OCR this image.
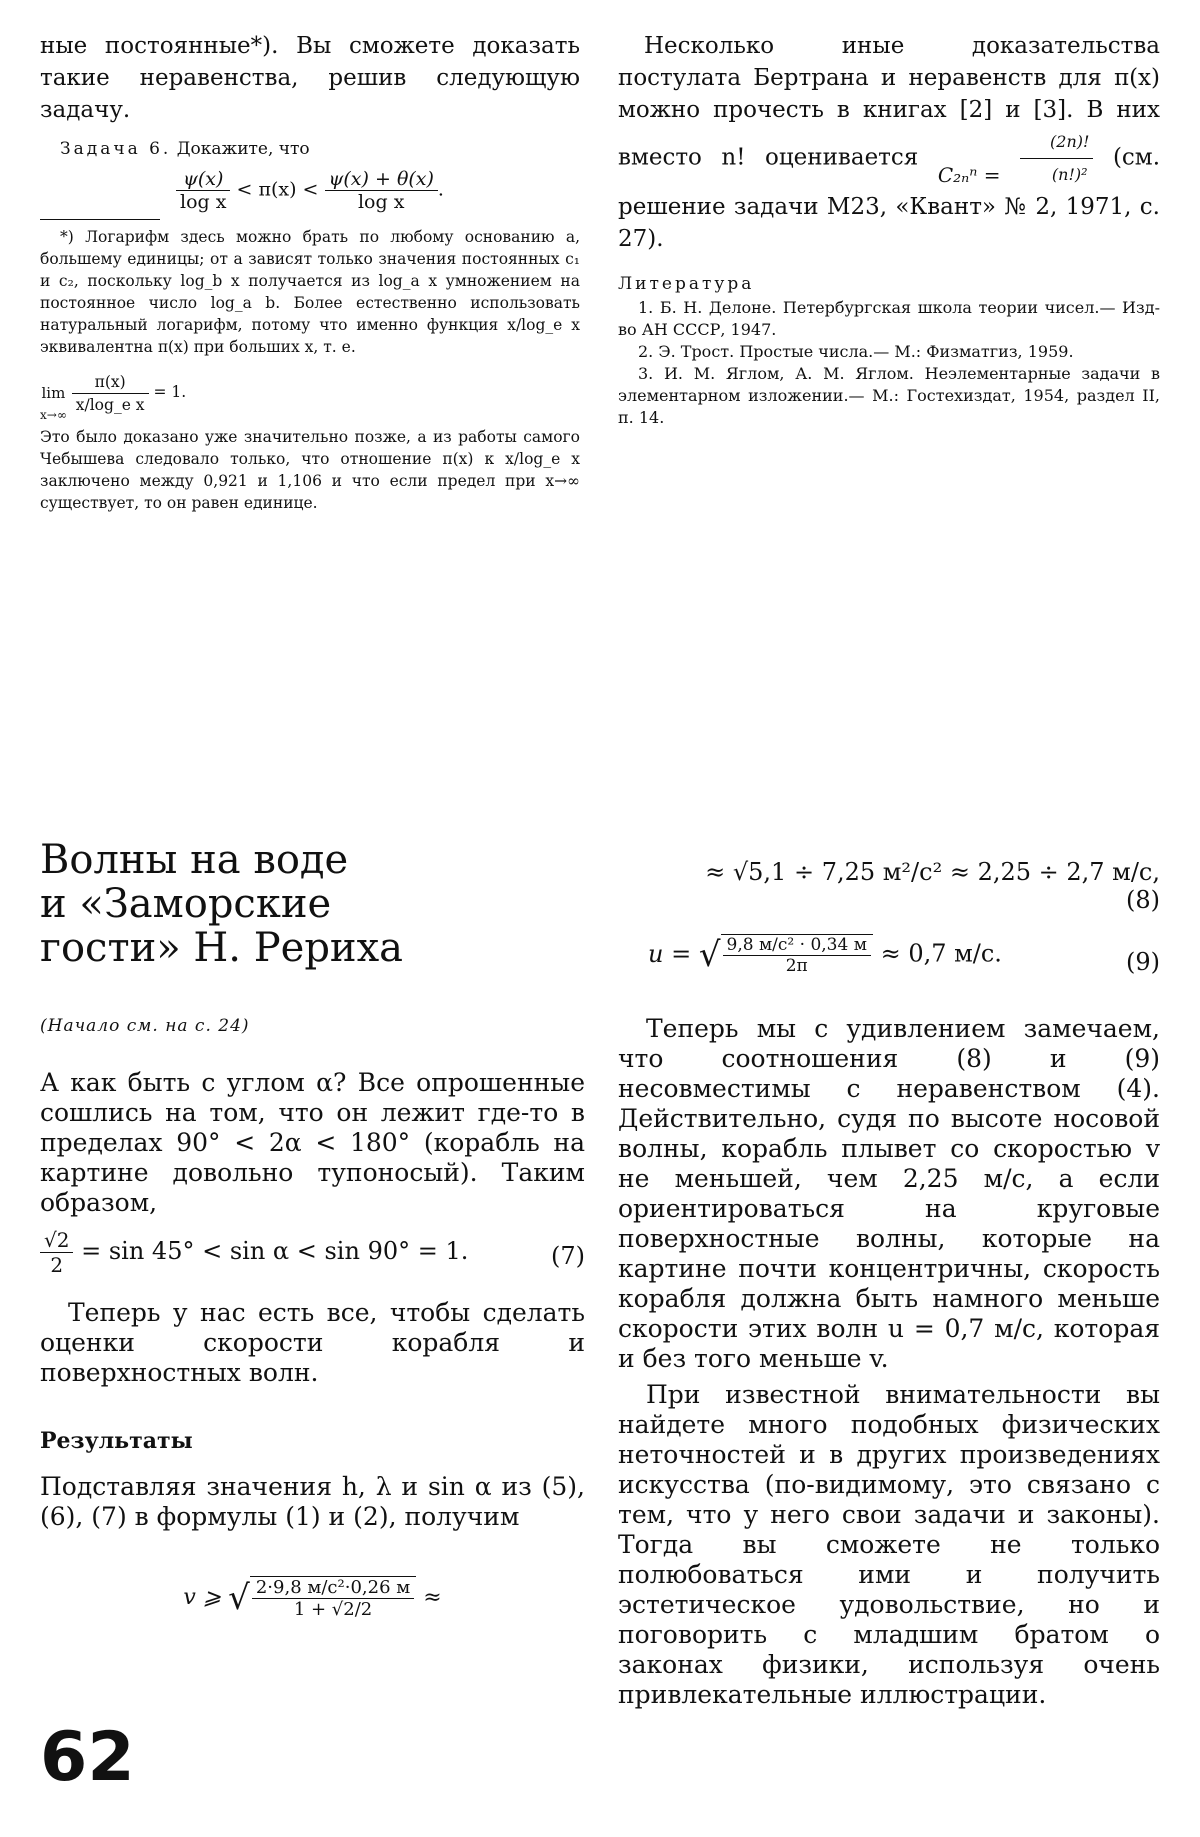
ные постоянные*). Вы сможете доказать такие неравенства, решив следующую задачу.

Задача 6. Докажите, что

$\frac{\psi(x)}{\text{log x}} < \pi(x) < \frac{\psi(x) + \theta(x)}{\text{log x}}$ .

*) Логарифм здесь можно брать по любому основанию a, большему единицы; от a зависят только значения постоянных c₁ и c₂, поскольку log_b x получается из log_a x умножением на постоянное число log_a b. Более естественно использовать натуральный логарифм, потому что именно функция x/log_e x эквивалентна π(x) при больших x, т. е.

lim
x→∞
$\frac{\pi(x)}{\text{x/log\_e x}} = 1$.

Это было доказано уже значительно позже, а из работы самого Чебышева следовало только, что отношение π(x) к x/log_e x заключено между 0,921 и 1,106 и что если предел при x→∞ существует, то он равен единице.

Несколько иные доказательства постулата Бертрана и неравенств для π(x) можно прочесть в книгах [2] и [3]. В них вместо n! оценивается

$C_{2n}^n = \frac{(2n)!}{\text{(n!)²}} (см$. решение задачи М23, «Квант» № 2, 1971, с. 27).

Литература

1. Б. Н. Делоне. Петербургская школа теории чисел.— Изд-во АН СССР, 1947.

2. Э. Трост. Простые числа.— М.: Физматгиз, 1959.

3. И. М. Яглом, А. М. Яглом. Неэлементарные задачи в элементарном изложении.— М.: Гостехиздат, 1954, раздел II, п. 14.

Волны на воде
и «Заморские
гости» Н. Рериха

(Начало см. на с. 24)

А как быть с углом α? Все опрошенные сошлись на том, что он лежит где-то в пределах 90° < 2α < 180° (корабль на картине довольно тупоносый). Таким образом,

$\frac{√2}{2} = \sin 45^\circ < \sin \alpha < \sin 90^\circ = 1$.	(7)

Теперь у нас есть все, чтобы сделать оценки скорости корабля и поверхностных волн.

Результаты

Подставляя значения h, λ и sin α из (5), (6), (7) в формулы (1) и (2), получим

v ⩾ √ $\frac{\text{2·9,8 м/с²·0,26 м}}{1 + √2/2}$ ≈
≈ √5,1 ÷ 7,25 м²/с² ≈ 2,25 ÷ 2,7 м/с,
(8)
u = √ $\frac{\text{9,8 м/с² · 0,34 м}}{2\pi} \approx 0,7$ м/с.	(9)

Теперь мы с удивлением замечаем, что соотношения (8) и (9) несовместимы с неравенством (4). Действительно, судя по высоте носовой волны, корабль плывет со скоростью v не меньшей, чем 2,25 м/с, а если ориентироваться на круговые поверхностные волны, которые на картине почти концентричны, скорость корабля должна быть намного меньше скорости этих волн u = 0,7 м/с, которая и без того меньше v.

При известной внимательности вы найдете много подобных физических неточностей и в других произведениях искусства (по-видимому, это связано с тем, что у него свои задачи и законы). Тогда вы сможете не только полюбоваться ими и получить эстетическое удовольствие, но и поговорить с младшим братом о законах физики, используя очень привлекательные иллюстрации.

62
